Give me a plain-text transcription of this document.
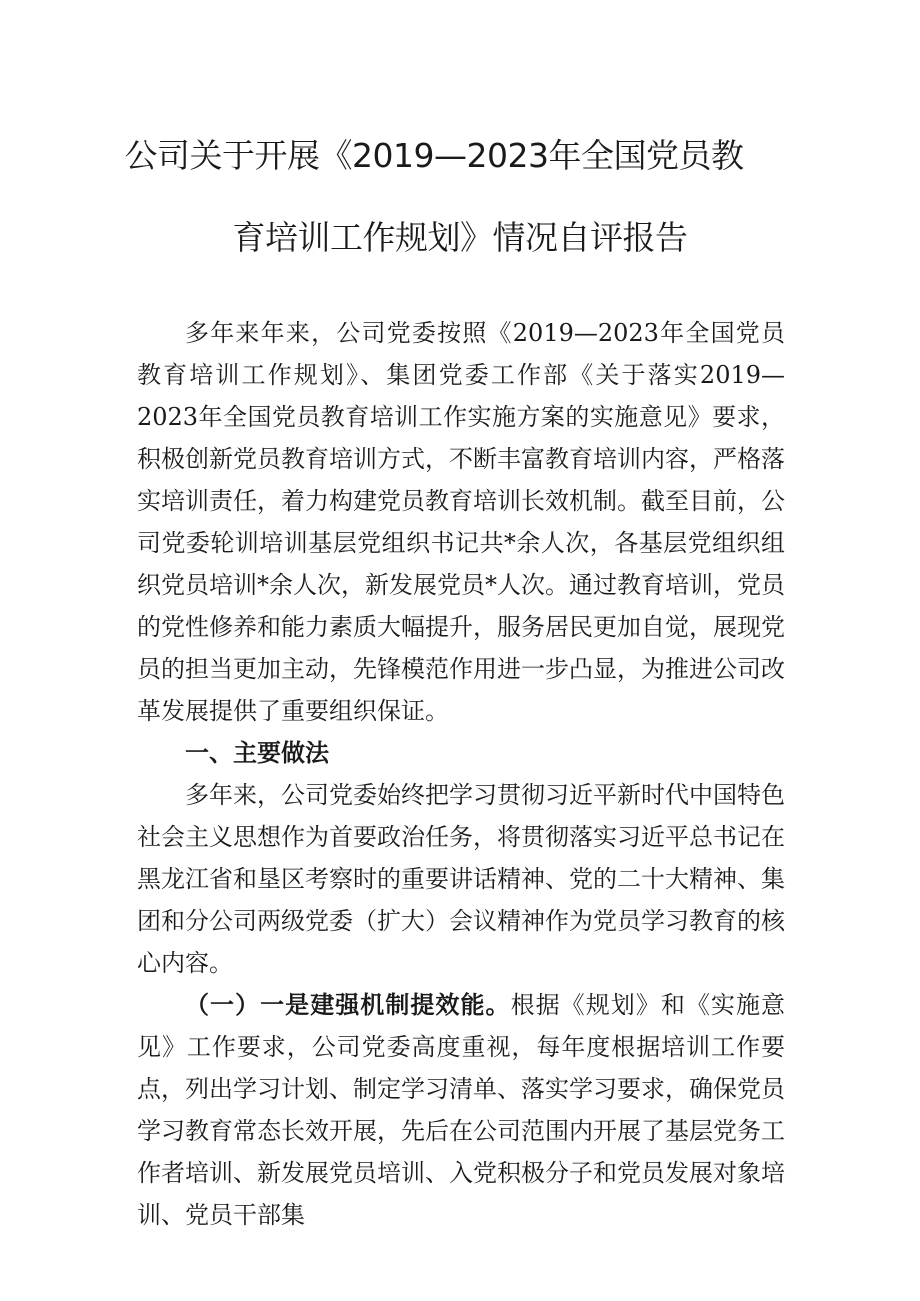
公司关于开展《2019—2023年全国党员教
育培训工作规划》情况自评报告

多年来年来，公司党委按照《2019—2023年全国党员教育培训工作规划》、集团党委工作部《关于落实2019—2023年全国党员教育培训工作实施方案的实施意见》要求，积极创新党员教育培训方式，不断丰富教育培训内容，严格落实培训责任，着力构建党员教育培训长效机制。截至目前，公司党委轮训培训基层党组织书记共*余人次，各基层党组织组织党员培训*余人次，新发展党员*人次。通过教育培训，党员的党性修养和能力素质大幅提升，服务居民更加自觉，展现党员的担当更加主动，先锋模范作用进一步凸显，为推进公司改革发展提供了重要组织保证。

一、主要做法

多年来，公司党委始终把学习贯彻习近平新时代中国特色社会主义思想作为首要政治任务，将贯彻落实习近平总书记在黑龙江省和垦区考察时的重要讲话精神、党的二十大精神、集团和分公司两级党委（扩大）会议精神作为党员学习教育的核心内容。

（一）一是建强机制提效能。根据《规划》和《实施意见》工作要求，公司党委高度重视，每年度根据培训工作要点，列出学习计划、制定学习清单、落实学习要求，确保党员学习教育常态长效开展，先后在公司范围内开展了基层党务工作者培训、新发展党员培训、入党积极分子和党员发展对象培训、党员干部集
